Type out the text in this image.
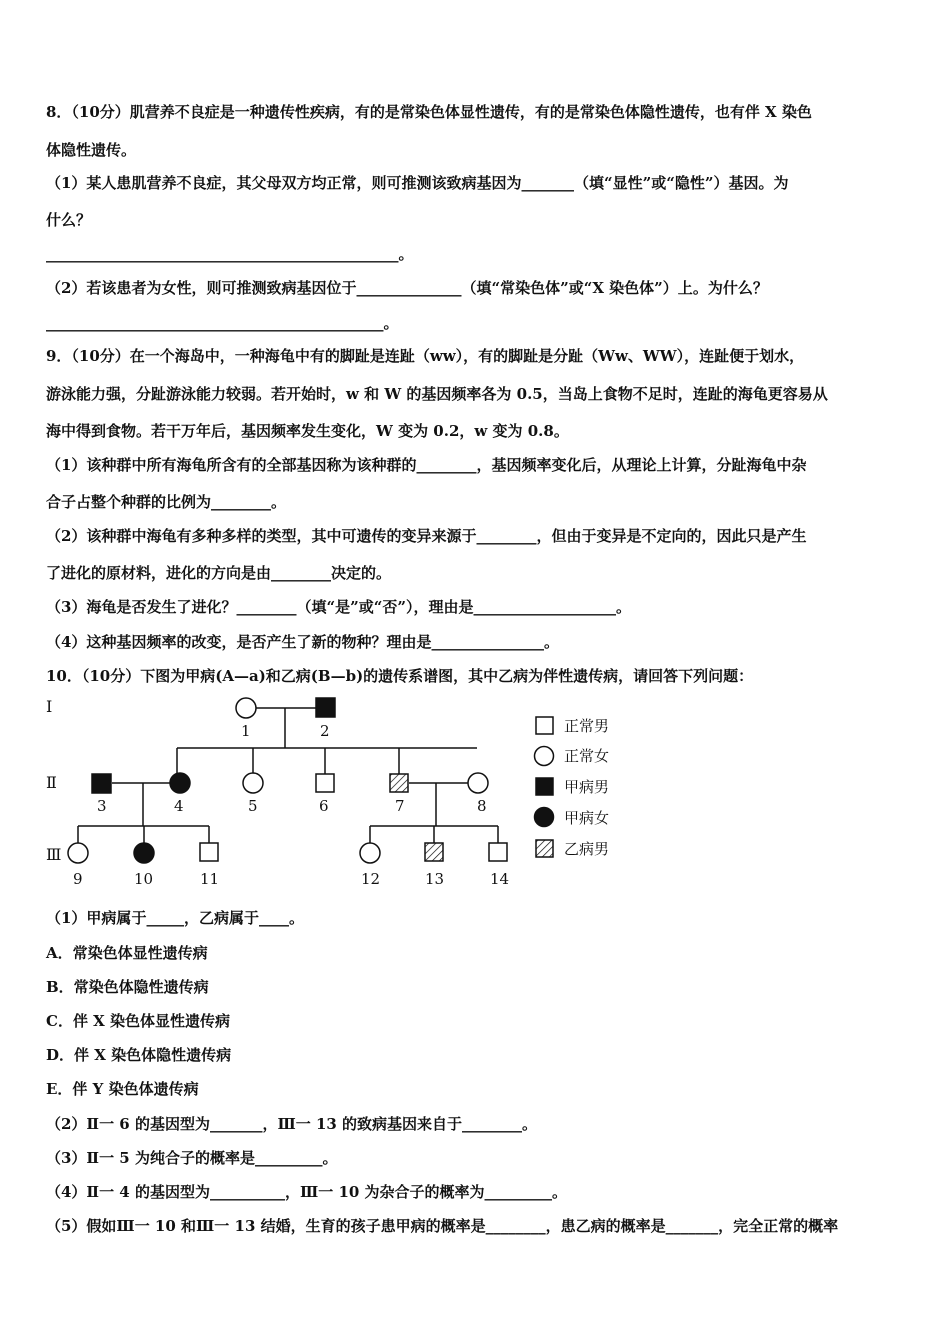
8．（10分）肌营养不良症是一种遗传性疾病，有的是常染色体显性遗传，有的是常染色体隐性遗传，也有伴 X 染色
体隐性遗传。
（1）某人患肌营养不良症，其父母双方均正常，则可推测该致病基因为_______（填“显性”或“隐性”）基因。为
什么？
_______________________________________________。
（2）若该患者为女性，则可推测致病基因位于______________（填“常染色体”或“X 染色体”）上。为什么？
_____________________________________________。
9．（10分）在一个海岛中，一种海龟中有的脚趾是连趾（ww），有的脚趾是分趾（Ww、WW），连趾便于划水，
游泳能力强，分趾游泳能力较弱。若开始时，w 和 W 的基因频率各为 0.5，当岛上食物不足时，连趾的海龟更容易从
海中得到食物。若干万年后，基因频率发生变化，W 变为 0.2，w 变为 0.8。
（1）该种群中所有海龟所含有的全部基因称为该种群的________，基因频率变化后，从理论上计算，分趾海龟中杂
合子占整个种群的比例为________。
（2）该种群中海龟有多种多样的类型，其中可遗传的变异来源于________，但由于变异是不定向的，因此只是产生
了进化的原材料，进化的方向是由________决定的。
（3）海龟是否发生了进化？________（填“是”或“否”），理由是___________________。
（4）这种基因频率的改变，是否产生了新的物种？理由是_______________。
10．（10分）下图为甲病(A—a)和乙病(B—b)的遗传系谱图，其中乙病为伴性遗传病，请回答下列问题：
Ⅰ
Ⅱ
Ⅲ
1	2
3	4	5	6	7	8
9	10	11	12	13	14
正常男
正常女
甲病男
甲病女
乙病男
（1）甲病属于_____，乙病属于____。
A．常染色体显性遗传病
B．常染色体隐性遗传病
C．伴 X 染色体显性遗传病
D．伴 X 染色体隐性遗传病
E．伴 Y 染色体遗传病
（2）Ⅱ一 6 的基因型为_______，Ⅲ一 13 的致病基因来自于________。
（3）Ⅱ一 5 为纯合子的概率是_________。
（4）Ⅱ一 4 的基因型为__________，Ⅲ一 10 为杂合子的概率为_________。
（5）假如Ⅲ一 10 和Ⅲ一 13 结婚，生育的孩子患甲病的概率是________，患乙病的概率是_______，完全正常的概率
